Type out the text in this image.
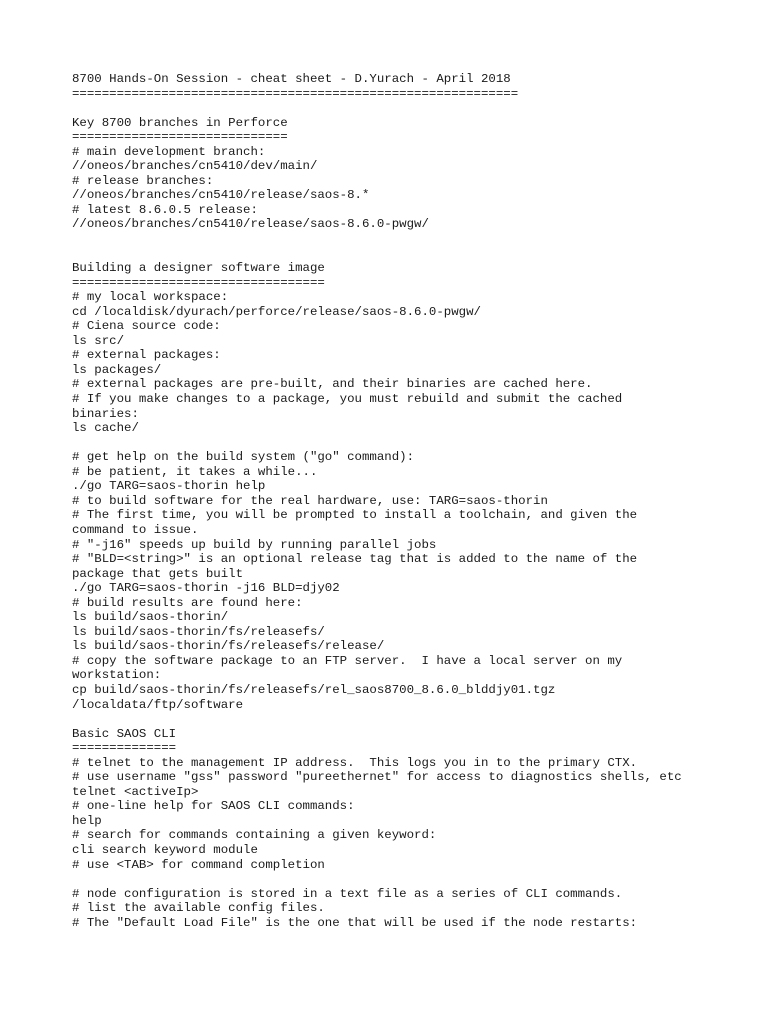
8700 Hands-On Session - cheat sheet - D.Yurach - April 2018
============================================================
Key 8700 branches in Perforce
=============================
# main development branch:
//oneos/branches/cn5410/dev/main/
# release branches:
//oneos/branches/cn5410/release/saos-8.*
# latest 8.6.0.5 release:
//oneos/branches/cn5410/release/saos-8.6.0-pwgw/
Building a designer software image
==================================
# my local workspace:
cd /localdisk/dyurach/perforce/release/saos-8.6.0-pwgw/
# Ciena source code:
ls src/
# external packages:
ls packages/
# external packages are pre-built, and their binaries are cached here.
# If you make changes to a package, you must rebuild and submit the cached
binaries:
ls cache/
# get help on the build system ("go" command):
# be patient, it takes a while...
./go TARG=saos-thorin help
# to build software for the real hardware, use: TARG=saos-thorin
# The first time, you will be prompted to install a toolchain, and given the
command to issue.
# "-j16" speeds up build by running parallel jobs
# "BLD=<string>" is an optional release tag that is added to the name of the
package that gets built
./go TARG=saos-thorin -j16 BLD=djy02
# build results are found here:
ls build/saos-thorin/
ls build/saos-thorin/fs/releasefs/
ls build/saos-thorin/fs/releasefs/release/
# copy the software package to an FTP server.  I have a local server on my
workstation:
cp build/saos-thorin/fs/releasefs/rel_saos8700_8.6.0_blddjy01.tgz
/localdata/ftp/software
Basic SAOS CLI
==============
# telnet to the management IP address.  This logs you in to the primary CTX.
# use username "gss" password "pureethernet" for access to diagnostics shells, etc
telnet <activeIp>
# one-line help for SAOS CLI commands:
help
# search for commands containing a given keyword:
cli search keyword module
# use <TAB> for command completion
# node configuration is stored in a text file as a series of CLI commands.
# list the available config files.
# The "Default Load File" is the one that will be used if the node restarts:
